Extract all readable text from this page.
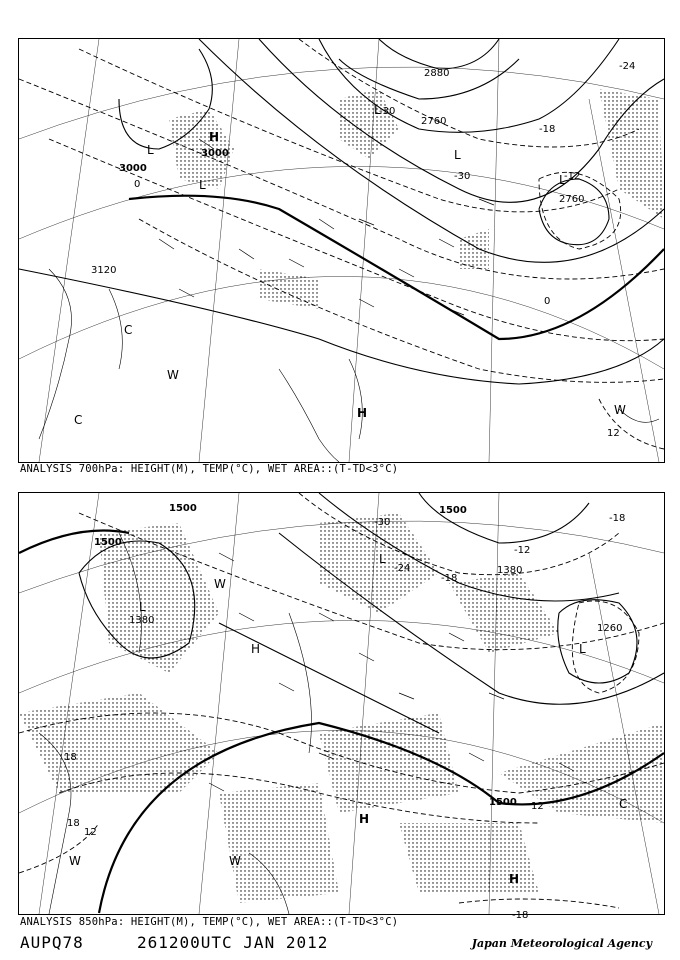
3000
3000
3120
2880
2760
2760
0
-24
-30
-18
-12
-30
0
12
L
H
L
L
L
L
C
W
C	H	W
ANALYSIS 700hPa: HEIGHT(M), TEMP(°C), WET AREA::(T-TD<3°C)
1500	1500
1500
1380
1380
1260
1500
-18
-30
-24
-12
-18
12
18
18
12
-18
L
H
W
L
L
H
W
W
C
H
ANALYSIS 850hPa: HEIGHT(M), TEMP(°C), WET AREA::(T-TD<3°C)
AUPQ78	261200UTC JAN 2012	Japan Meteorological Agency
